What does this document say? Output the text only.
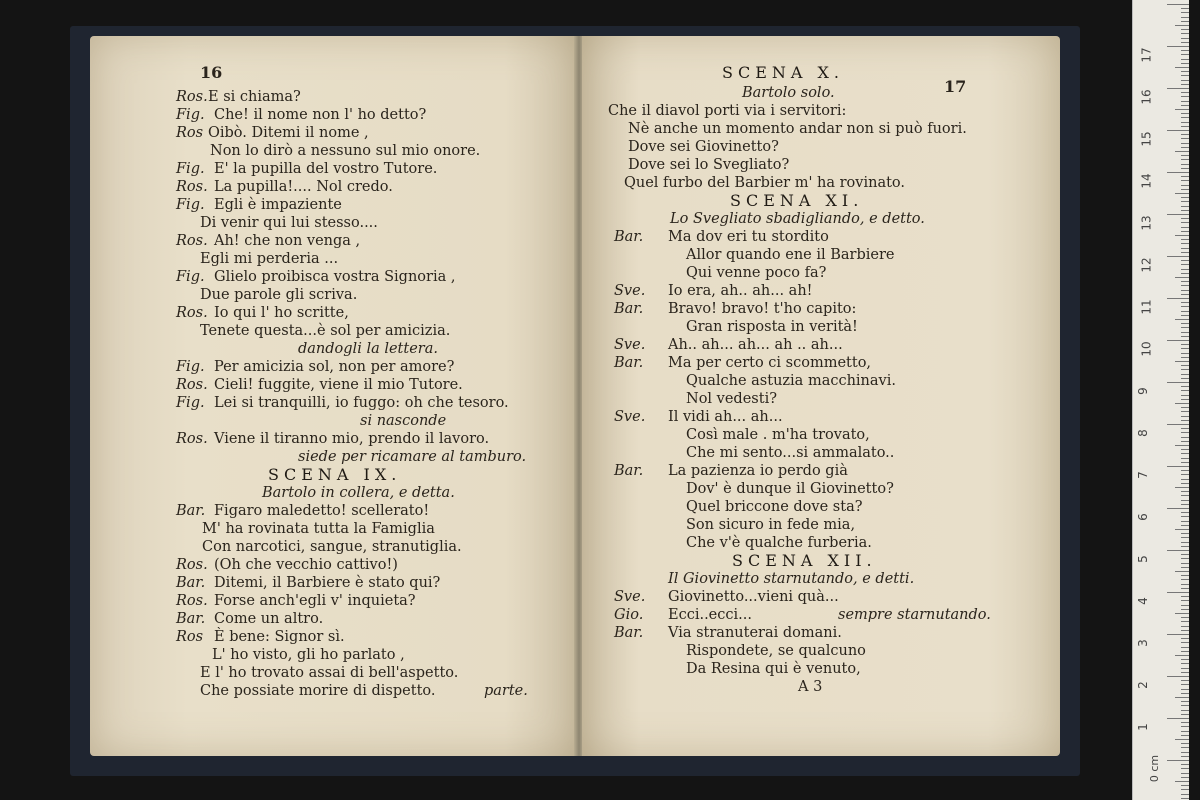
16
Ros. E si chiama?
Fig. Che! il nome non l' ho detto?
Ros Oibò. Ditemi il nome ,
Non lo dirò a nessuno sul mio onore.
Fig. E' la pupilla del vostro Tutore.
Ros. La pupilla!.... Nol credo.
Fig. Egli è impaziente
Di venir qui lui stesso....
Ros. Ah! che non venga ,
Egli mi perderia ...
Fig. Glielo proibisca vostra Signoria ,
Due parole gli scriva.
Ros. Io qui l' ho scritte,
Tenete questa...è sol per amicizia.
dandogli la lettera.
Fig. Per amicizia sol, non per amore?
Ros. Cieli! fuggite, viene il mio Tutore.
Fig. Lei si tranquilli, io fuggo: oh che tesoro.
si nasconde
Ros. Viene il tiranno mio, prendo il lavoro.
siede per ricamare al tamburo.
SCENA IX.
Bartolo in collera, e detta.
Bar. Figaro maledetto! scellerato!
M' ha rovinata tutta la Famiglia
Con narcotici, sangue, stranutiglia.
Ros. (Oh che vecchio cattivo!)
Bar. Ditemi, il Barbiere è stato qui?
Ros. Forse anch'egli v' inquieta?
Bar. Come un altro.
Ros È bene: Signor sì.
L' ho visto, gli ho parlato ,
E l' ho trovato assai di bell'aspetto.
Che possiate morire di dispetto.	parte.
17
SCENA X.
Bartolo solo.
Che il diavol porti via i servitori:
Nè anche un momento andar non si può fuori.
Dove sei Giovinetto?
Dove sei lo Svegliato?
Quel furbo del Barbier m' ha rovinato.
SCENA XI.
Lo Svegliato sbadigliando, e detto.
Bar. Ma dov eri tu stordito
Allor quando ene il Barbiere
Qui venne poco fa?
Sve. Io era, ah.. ah... ah!
Bar. Bravo! bravo! t'ho capito:
Gran risposta in verità!
Sve. Ah.. ah... ah... ah .. ah...
Bar. Ma per certo ci scommetto,
Qualche astuzia macchinavi.
Nol vedesti?
Sve. Il vidi ah... ah...
Così male . m'ha trovato,
Che mi sento...si ammalato..
Bar. La pazienza io perdo già
Dov' è dunque il Giovinetto?
Quel briccone dove sta?
Son sicuro in fede mia,
Che v'è qualche furberia.
SCENA XII.
Il Giovinetto starnutando, e detti.
Sve. Giovinetto...vieni quà...
Gio. Ecci..ecci...	sempre starnutando.
Bar. Via stranuterai domani.
Rispondete, se qualcuno
Da Resina qui è venuto,
A 3
0 cm
1
2
3
4
5
6
7
8
9
10
11
12
13
14
15
16
17
